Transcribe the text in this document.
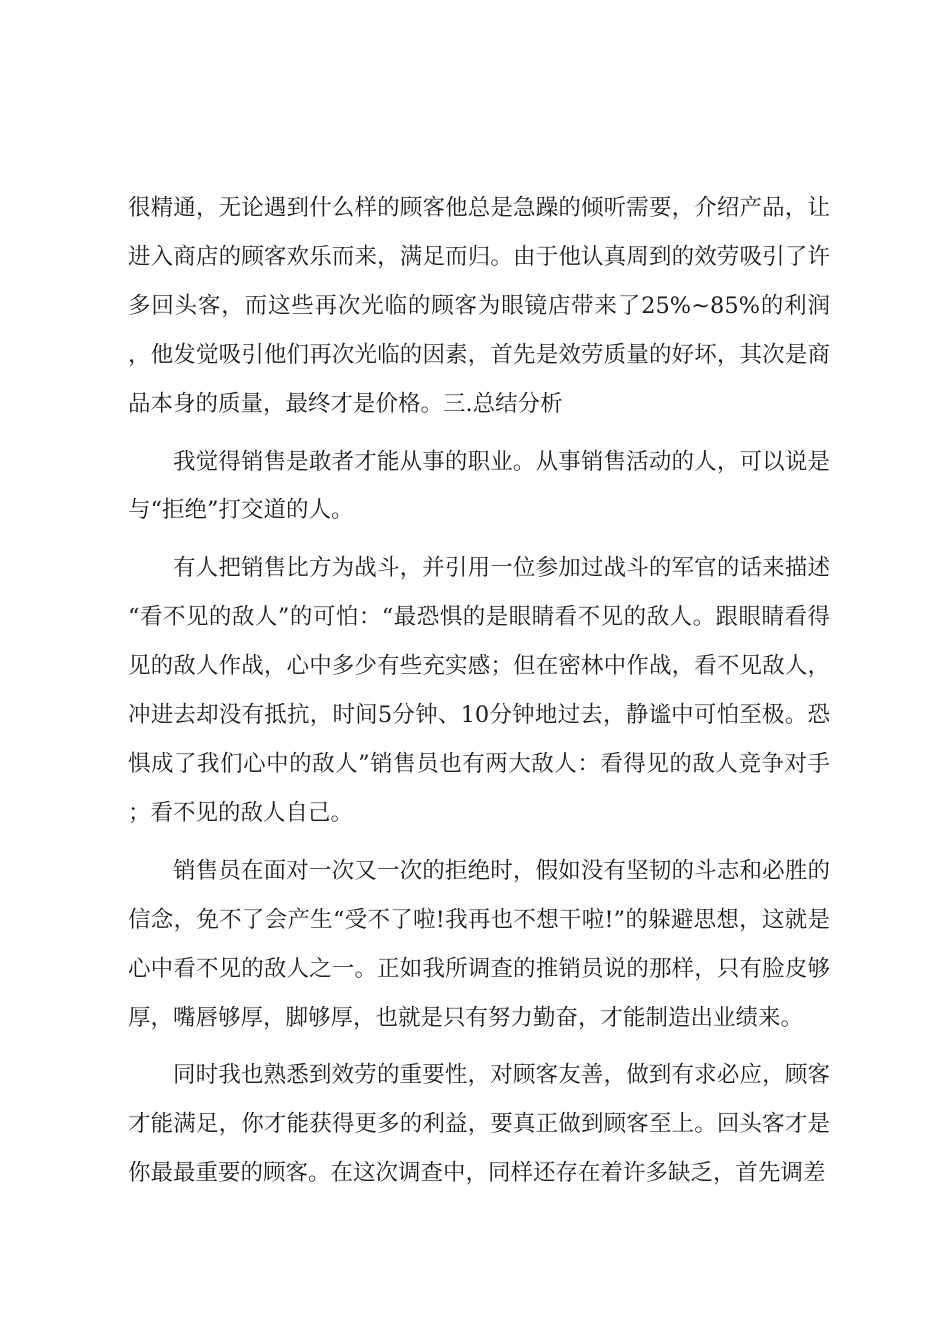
很精通，无论遇到什么样的顾客他总是急躁的倾听需要，介绍产品，让进入商店的顾客欢乐而来，满足而归。由于他认真周到的效劳吸引了许多回头客，而这些再次光临的顾客为眼镜店带来了25%~85%的利润，他发觉吸引他们再次光临的因素，首先是效劳质量的好坏，其次是商品本身的质量，最终才是价格。三.总结分析

我觉得销售是敢者才能从事的职业。从事销售活动的人，可以说是与“拒绝”打交道的人。

有人把销售比方为战斗，并引用一位参加过战斗的军官的话来描述“看不见的敌人”的可怕：“最恐惧的是眼睛看不见的敌人。跟眼睛看得见的敌人作战，心中多少有些充实感；但在密林中作战，看不见敌人，冲进去却没有抵抗，时间5分钟、10分钟地过去，静谧中可怕至极。恐惧成了我们心中的敌人”销售员也有两大敌人：看得见的敌人竞争对手；看不见的敌人自己。

销售员在面对一次又一次的拒绝时，假如没有坚韧的斗志和必胜的信念，免不了会产生“受不了啦!我再也不想干啦!”的躲避思想，这就是心中看不见的敌人之一。正如我所调查的推销员说的那样，只有脸皮够厚，嘴唇够厚，脚够厚，也就是只有努力勤奋，才能制造出业绩来。

同时我也熟悉到效劳的重要性，对顾客友善，做到有求必应，顾客才能满足，你才能获得更多的利益，要真正做到顾客至上。回头客才是你最最重要的顾客。在这次调查中，同样还存在着许多缺乏，首先调差
